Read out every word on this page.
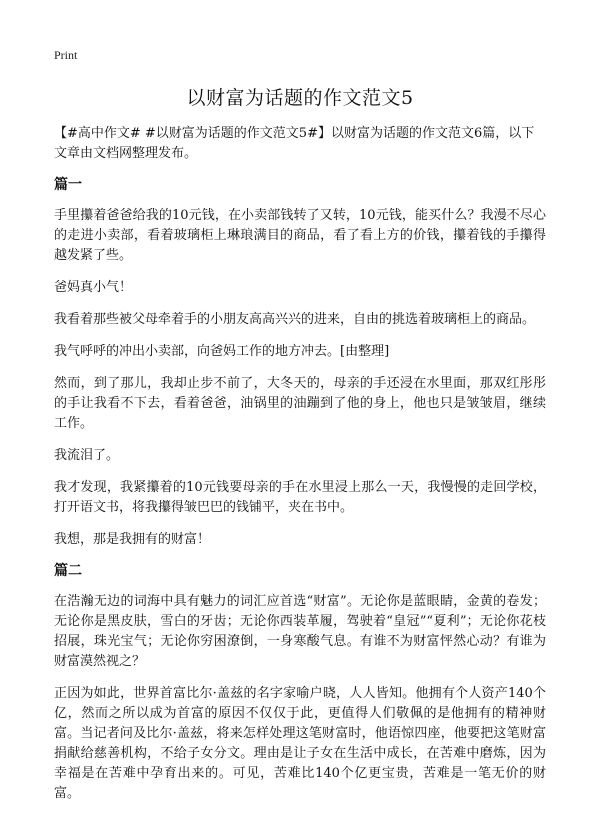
Print
以财富为话题的作文范文5

【#高中作文# #以财富为话题的作文范文5#】以财富为话题的作文范文6篇，以下文章由文档网整理发布。

篇一

手里攥着爸爸给我的10元钱，在小卖部钱转了又转，10元钱，能买什么？我漫不尽心的走进小卖部，看着玻璃柜上琳琅满目的商品，看了看上方的价钱，攥着钱的手攥得越发紧了些。

爸妈真小气！

我看着那些被父母牵着手的小朋友高高兴兴的进来，自由的挑选着玻璃柜上的商品。

我气呼呼的冲出小卖部，向爸妈工作的地方冲去。[由整理]

然而，到了那儿，我却止步不前了，大冬天的，母亲的手还浸在水里面，那双红彤彤的手让我看不下去，看着爸爸，油锅里的油蹦到了他的身上，他也只是皱皱眉，继续工作。

我流泪了。

我才发现，我紧攥着的10元钱要母亲的手在水里浸上那么一天，我慢慢的走回学校，打开语文书，将我攥得皱巴巴的钱铺平，夹在书中。

我想，那是我拥有的财富！

篇二

在浩瀚无边的词海中具有魅力的词汇应首选“财富”。无论你是蓝眼睛，金黄的卷发；无论你是黑皮肤，雪白的牙齿；无论你西装革履，驾驶着“皇冠”“夏利”；无论你花枝招展，珠光宝气；无论你穷困潦倒，一身寒酸气息。有谁不为财富怦然心动？有谁为财富漠然视之？

正因为如此，世界首富比尔·盖兹的名字家喻户晓，人人皆知。他拥有个人资产140个亿，然而之所以成为首富的原因不仅仅于此，更值得人们敬佩的是他拥有的精神财富。当记者问及比尔·盖兹，将来怎样处理这笔财富时，他语惊四座，他要把这笔财富捐献给慈善机构，不给子女分文。理由是让子女在生活中成长，在苦难中磨炼，因为幸福是在苦难中孕育出来的。可见，苦难比140个亿更宝贵，苦难是一笔无价的财富。
